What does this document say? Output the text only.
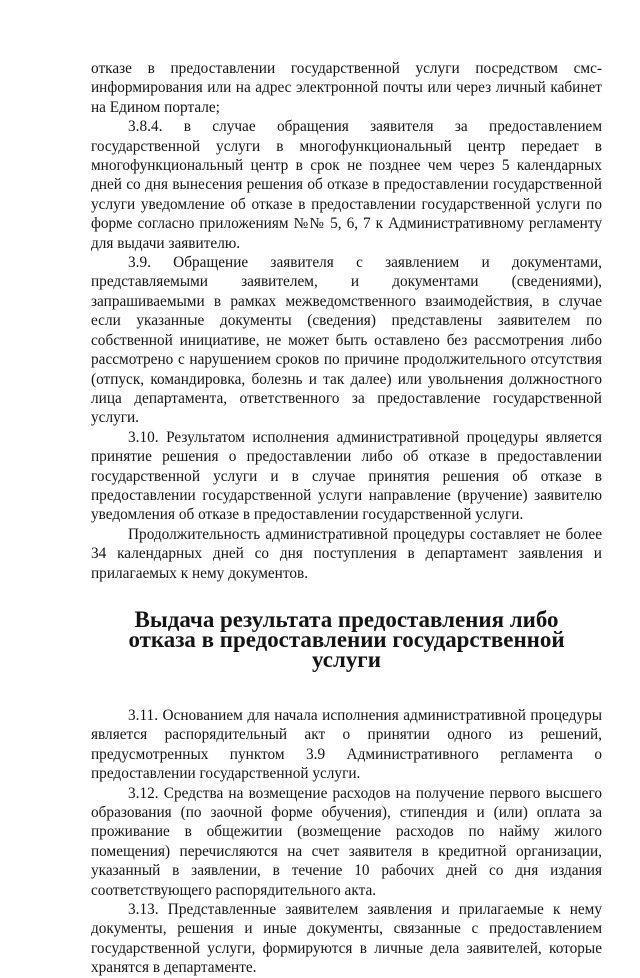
отказе в предоставлении государственной услуги посредством смс-информирования или на адрес электронной почты или через личный кабинет на Едином портале;

3.8.4. в случае обращения заявителя за предоставлением государственной услуги в многофункциональный центр передает в многофункциональный центр в срок не позднее чем через 5 календарных дней со дня вынесения решения об отказе в предоставлении государственной услуги уведомление об отказе в предоставлении государственной услуги по форме согласно приложениям №№ 5, 6, 7 к Административному регламенту для выдачи заявителю.

3.9. Обращение заявителя с заявлением и документами, представляемыми заявителем, и документами (сведениями), запрашиваемыми в рамках межведомственного взаимодействия, в случае если указанные документы (сведения) представлены заявителем по собственной инициативе, не может быть оставлено без рассмотрения либо рассмотрено с нарушением сроков по причине продолжительного отсутствия (отпуск, командировка, болезнь и так далее) или увольнения должностного лица департамента, ответственного за предоставление государственной услуги.

3.10. Результатом исполнения административной процедуры является принятие решения о предоставлении либо об отказе в предоставлении государственной услуги и в случае принятия решения об отказе в предоставлении государственной услуги направление (вручение) заявителю уведомления об отказе в предоставлении государственной услуги.

Продолжительность административной процедуры составляет не более 34 календарных дней со дня поступления в департамент заявления и прилагаемых к нему документов.

Выдача результата предоставления либо отказа в предоставлении государственной услуги

3.11. Основанием для начала исполнения административной процедуры является распорядительный акт о принятии одного из решений, предусмотренных пунктом 3.9 Административного регламента о предоставлении государственной услуги.

3.12. Средства на возмещение расходов на получение первого высшего образования (по заочной форме обучения), стипендия и (или) оплата за проживание в общежитии (возмещение расходов по найму жилого помещения) перечисляются на счет заявителя в кредитной организации, указанный в заявлении, в течение 10 рабочих дней со дня издания соответствующего распорядительного акта.

3.13. Представленные заявителем заявления и прилагаемые к нему документы, решения и иные документы, связанные с предоставлением государственной услуги, формируются в личные дела заявителей, которые хранятся в департаменте.
